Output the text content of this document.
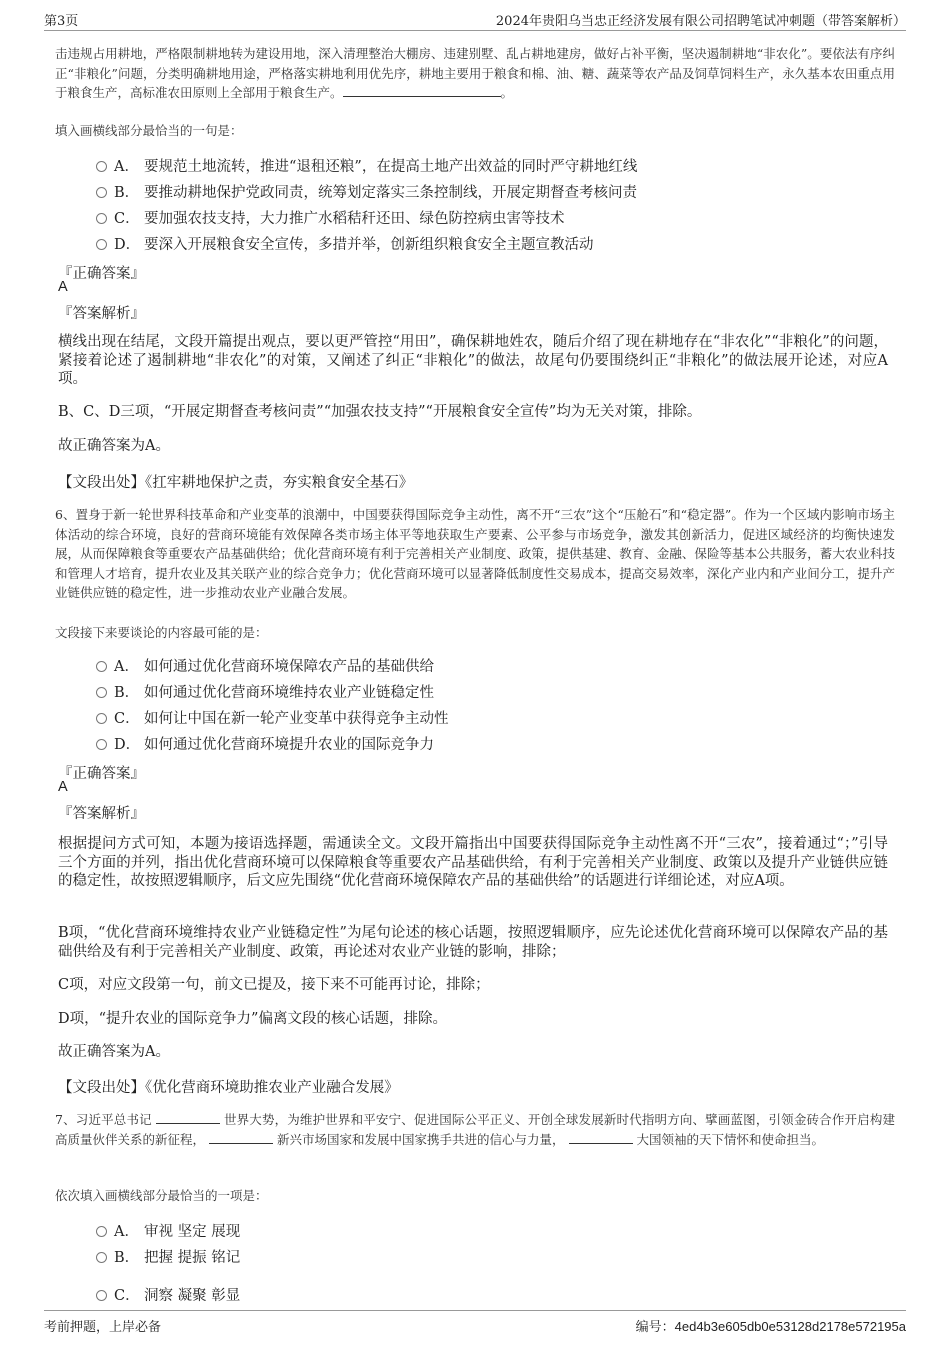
第3页	2024年贵阳乌当忠正经济发展有限公司招聘笔试冲刺题（带答案解析）

击违规占用耕地，严格限制耕地转为建设用地，深入清理整治大棚房、违建别墅、乱占耕地建房，做好占补平衡，坚决遏制耕地“非农化”。要依法有序纠正“非粮化”问题，分类明确耕地用途，严格落实耕地利用优先序，耕地主要用于粮食和棉、油、糖、蔬菜等农产品及饲草饲料生产，永久基本农田重点用于粮食生产，高标准农田原则上全部用于粮食生产。	。

填入画横线部分最恰当的一句是：
A． 要规范土地流转，推进“退租还粮”，在提高土地产出效益的同时严守耕地红线
B． 要推动耕地保护党政同责，统筹划定落实三条控制线，开展定期督查考核问责
C． 要加强农技支持，大力推广水稻秸秆还田、绿色防控病虫害等技术
D． 要深入开展粮食安全宣传，多措并举，创新组织粮食安全主题宣教活动
『正确答案』
A
『答案解析』

横线出现在结尾，文段开篇提出观点，要以更严管控“用田”，确保耕地姓农，随后介绍了现在耕地存在“非农化”“非粮化”的问题，紧接着论述了遏制耕地“非农化”的对策，又阐述了纠正“非粮化”的做法，故尾句仍要围绕纠正“非粮化”的做法展开论述，对应A项。

B、C、D三项，“开展定期督查考核问责”“加强农技支持”“开展粮食安全宣传”均为无关对策，排除。

故正确答案为A。

【文段出处】《扛牢耕地保护之责，夯实粮食安全基石》

6、置身于新一轮世界科技革命和产业变革的浪潮中，中国要获得国际竞争主动性，离不开“三农”这个“压舱石”和“稳定器”。作为一个区域内影响市场主体活动的综合环境，良好的营商环境能有效保障各类市场主体平等地获取生产要素、公平参与市场竞争，激发其创新活力，促进区域经济的均衡快速发展，从而保障粮食等重要农产品基础供给；优化营商环境有利于完善相关产业制度、政策，提供基建、教育、金融、保险等基本公共服务，蓄大农业科技和管理人才培育，提升农业及其关联产业的综合竞争力；优化营商环境可以显著降低制度性交易成本，提高交易效率，深化产业内和产业间分工，提升产业链供应链的稳定性，进一步推动农业产业融合发展。

文段接下来要谈论的内容最可能的是：
A． 如何通过优化营商环境保障农产品的基础供给
B． 如何通过优化营商环境维持农业产业链稳定性
C． 如何让中国在新一轮产业变革中获得竞争主动性
D． 如何通过优化营商环境提升农业的国际竞争力
『正确答案』
A
『答案解析』

根据提问方式可知，本题为接语选择题，需通读全文。文段开篇指出中国要获得国际竞争主动性离不开“三农”，接着通过“；”引导三个方面的并列，指出优化营商环境可以保障粮食等重要农产品基础供给，有利于完善相关产业制度、政策以及提升产业链供应链的稳定性，故按照逻辑顺序，后文应先围绕“优化营商环境保障农产品的基础供给”的话题进行详细论述，对应A项。

B项，“优化营商环境维持农业产业链稳定性”为尾句论述的核心话题，按照逻辑顺序，应先论述优化营商环境可以保障农产品的基础供给及有利于完善相关产业制度、政策，再论述对农业产业链的影响，排除；

C项，对应文段第一句，前文已提及，接下来不可能再讨论，排除；

D项，“提升农业的国际竞争力”偏离文段的核心话题，排除。

故正确答案为A。

【文段出处】《优化营商环境助推农业产业融合发展》

7、习近平总书记	世界大势，为维护世界和平安宁、促进国际公平正义、开创全球发展新时代指明方向、擘画蓝图，引领金砖合作开启构建高质量伙伴关系的新征程，	新兴市场国家和发展中国家携手共进的信心与力量，	大国领袖的天下情怀和使命担当。

依次填入画横线部分最恰当的一项是：
A． 审视 坚定 展现
B． 把握 提振 铭记
C． 洞察 凝聚 彰显
考前押题，上岸必备	编号：4ed4b3e605db0e53128d2178e572195a
